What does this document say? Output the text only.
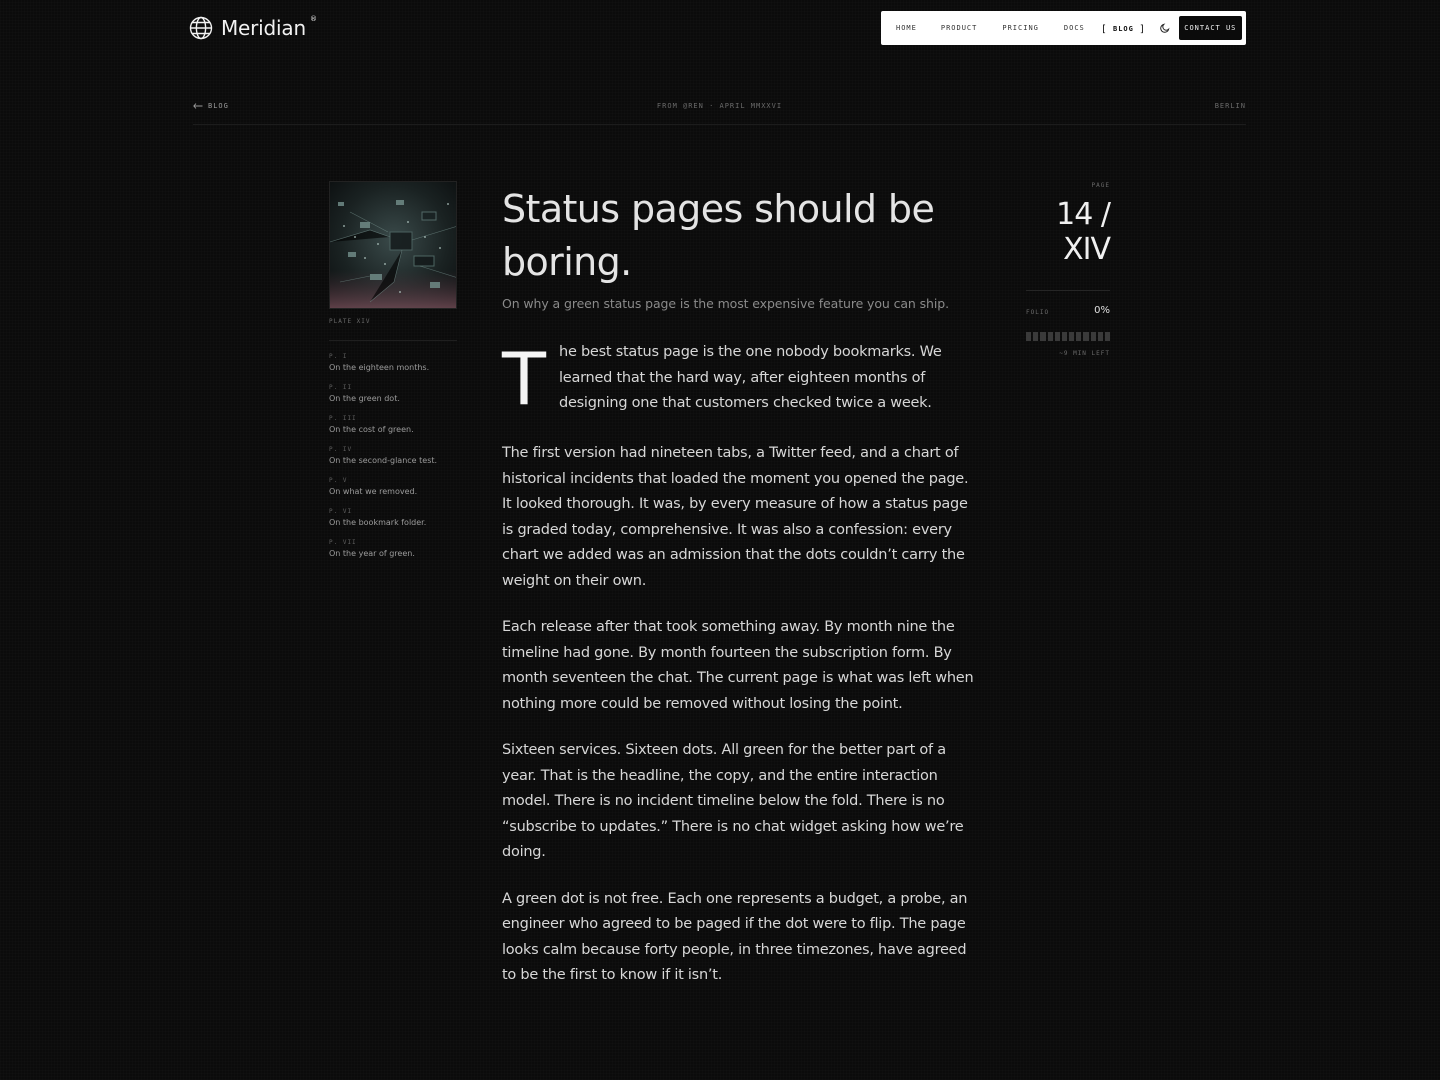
Meridian ®
HOME	PRODUCT	PRICING	DOCS [ BLOG ]	CONTACT US
FROM @REN · APRIL MMXXVI
BLOG	BERLIN
PLATE XIV
P. I
On the eighteen months.
P. II
On the green dot.
P. III
On the cost of green.
P. IV
On the second-glance test.
P. V
On what we removed.
P. VI
On the bookmark folder.
P. VII
On the year of green.
Status pages should be boring.
On why a green status page is the most expensive feature you can ship.

T he best status page is the one nobody bookmarks. We learned that the hard way, after eighteen months of designing one that customers checked twice a week.

The first version had nineteen tabs, a Twitter feed, and a chart of historical incidents that loaded the moment you opened the page. It looked thorough. It was, by every measure of how a status page is graded today, comprehensive. It was also a confession: every chart we added was an admission that the dots couldn’t carry the weight on their own.

Each release after that took something away. By month nine the timeline had gone. By month fourteen the subscription form. By month seventeen the chat. The current page is what was left when nothing more could be removed without losing the point.

Sixteen services. Sixteen dots. All green for the better part of a year. That is the headline, the copy, and the entire interaction model. There is no incident timeline below the fold. There is no “subscribe to updates.” There is no chat widget asking how we’re doing.

A green dot is not free. Each one represents a budget, a probe, an engineer who agreed to be paged if the dot were to flip. The page looks calm because forty people, in three timezones, have agreed to be the first to know if it isn’t.

PAGE
14 /
XIV
FOLIO	0%
~9 MIN LEFT
